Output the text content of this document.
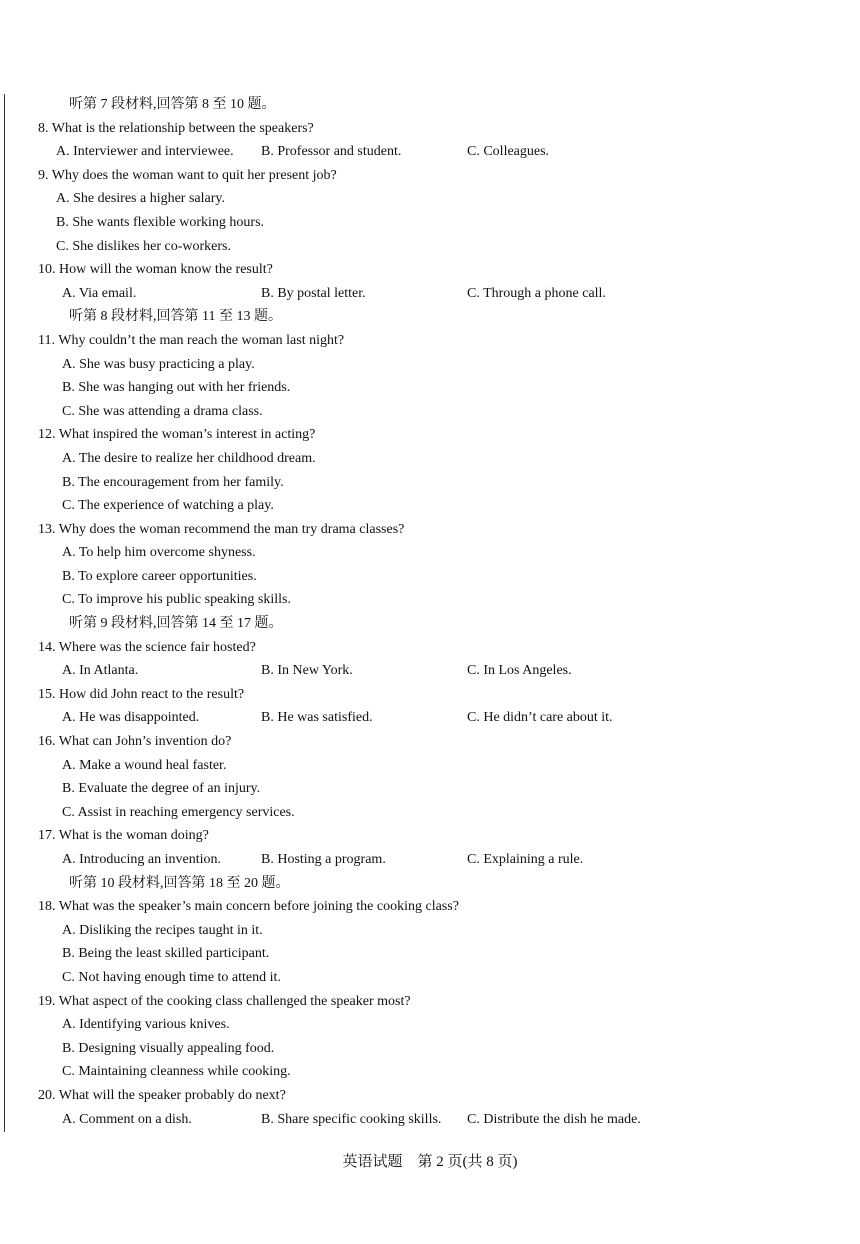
听第 7 段材料,回答第 8 至 10 题。
8. What is the relationship between the speakers?
A. Interviewer and interviewee. B. Professor and student.	C. Colleagues.
9. Why does the woman want to quit her present job?
A. She desires a higher salary.
B. She wants flexible working hours.
C. She dislikes her co-workers.
10. How will the woman know the result?
A. Via email.	B. By postal letter.	C. Through a phone call.
听第 8 段材料,回答第 11 至 13 题。
11. Why couldn’t the man reach the woman last night?
A. She was busy practicing a play.
B. She was hanging out with her friends.
C. She was attending a drama class.
12. What inspired the woman’s interest in acting?
A. The desire to realize her childhood dream.
B. The encouragement from her family.
C. The experience of watching a play.
13. Why does the woman recommend the man try drama classes?
A. To help him overcome shyness.
B. To explore career opportunities.
C. To improve his public speaking skills.
听第 9 段材料,回答第 14 至 17 题。
14. Where was the science fair hosted?
A. In Atlanta.	B. In New York.	C. In Los Angeles.
15. How did John react to the result?
A. He was disappointed.	B. He was satisfied.	C. He didn’t care about it.
16. What can John’s invention do?
A. Make a wound heal faster.
B. Evaluate the degree of an injury.
C. Assist in reaching emergency services.
17. What is the woman doing?
A. Introducing an invention.	B. Hosting a program.	C. Explaining a rule.
听第 10 段材料,回答第 18 至 20 题。
18. What was the speaker’s main concern before joining the cooking class?
A. Disliking the recipes taught in it.
B. Being the least skilled participant.
C. Not having enough time to attend it.
19. What aspect of the cooking class challenged the speaker most?
A. Identifying various knives.
B. Designing visually appealing food.
C. Maintaining cleanness while cooking.
20. What will the speaker probably do next?
A. Comment on a dish.	B. Share specific cooking skills. C. Distribute the dish he made.
英语试题　第 2 页(共 8 页)
